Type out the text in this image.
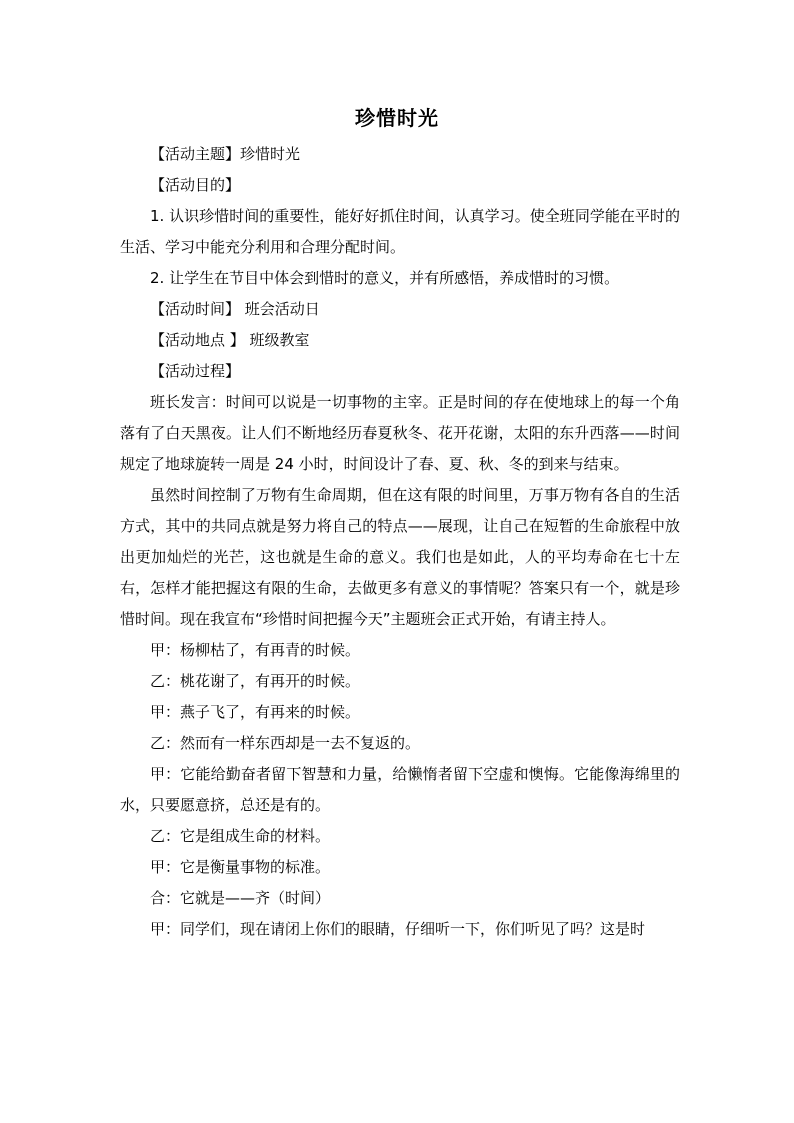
珍惜时光

【活动主题】珍惜时光

【活动目的】

1. 认识珍惜时间的重要性，能好好抓住时间，认真学习。使全班同学能在平时的生活、学习中能充分利用和合理分配时间。

2. 让学生在节目中体会到惜时的意义，并有所感悟，养成惜时的习惯。

【活动时间】 班会活动日

【活动地点 】 班级教室

【活动过程】

班长发言：时间可以说是一切事物的主宰。正是时间的存在使地球上的每一个角落有了白天黑夜。让人们不断地经历春夏秋冬、花开花谢，太阳的东升西落——时间规定了地球旋转一周是 24 小时，时间设计了春、夏、秋、冬的到来与结束。

虽然时间控制了万物有生命周期，但在这有限的时间里，万事万物有各自的生活方式，其中的共同点就是努力将自己的特点——展现，让自己在短暂的生命旅程中放出更加灿烂的光芒，这也就是生命的意义。我们也是如此，人的平均寿命在七十左右，怎样才能把握这有限的生命，去做更多有意义的事情呢？答案只有一个，就是珍惜时间。现在我宣布“珍惜时间把握今天”主题班会正式开始，有请主持人。

甲：杨柳枯了，有再青的时候。

乙：桃花谢了，有再开的时候。

甲：燕子飞了，有再来的时候。

乙：然而有一样东西却是一去不复返的。

甲：它能给勤奋者留下智慧和力量，给懒惰者留下空虚和懊悔。它能像海绵里的水，只要愿意挤，总还是有的。

乙：它是组成生命的材料。

甲：它是衡量事物的标准。

合：它就是——齐（时间）

甲：同学们，现在请闭上你们的眼睛，仔细听一下，你们听见了吗？这是时
